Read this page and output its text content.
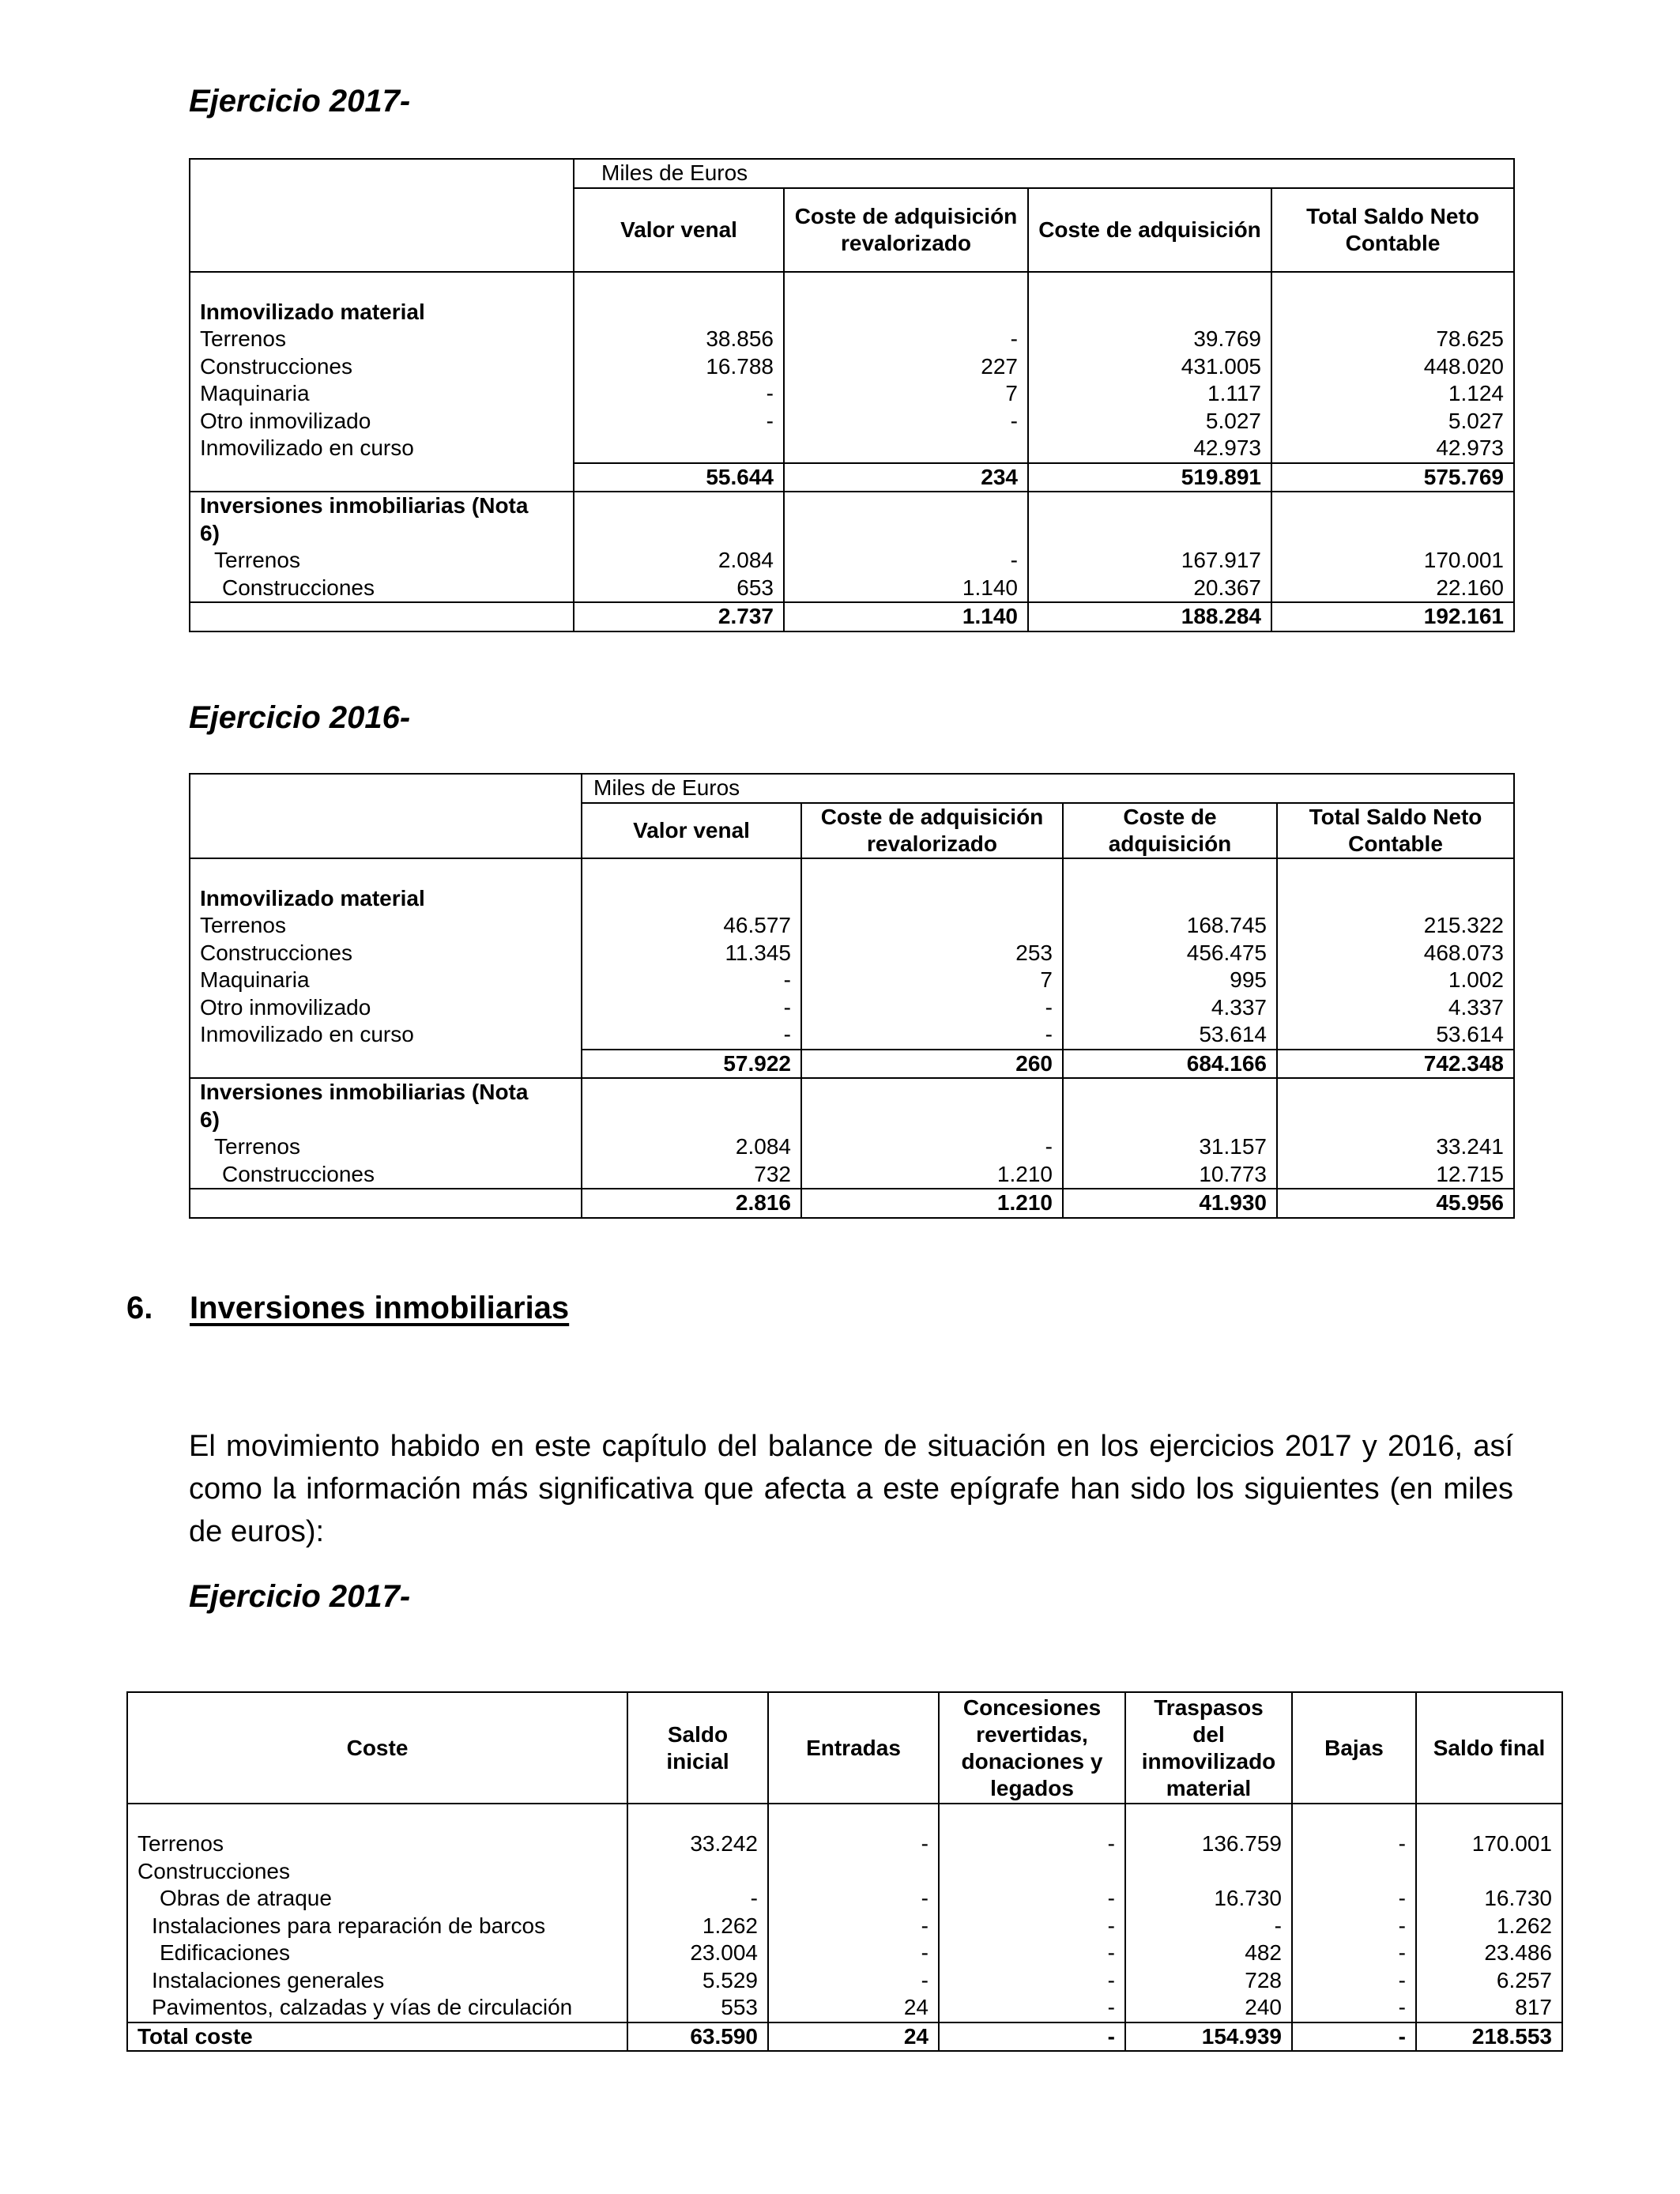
Ejercicio 2017-
	Miles de Euros			
	Valor venal	Coste de adquisición revalorizado	Coste de adquisición	Total Saldo Neto Contable

Inmovilizado material				
Terrenos	38.856	-	39.769	78.625
Construcciones	16.788	227	431.005	448.020
Maquinaria	-	7	1.117	1.124
Otro inmovilizado	-	-	5.027	5.027
Inmovilizado en curso			42.973	42.973
	55.644	234	519.891	575.769
Inversiones inmobiliarias (Nota				
6)				
Terrenos	2.084	-	167.917	170.001
Construcciones	653	1.140	20.367	22.160
	2.737	1.140	188.284	192.161
Ejercicio 2016-
	Miles de Euros			
	Valor venal	Coste de adquisición revalorizado	Coste de adquisición	Total Saldo Neto Contable

Inmovilizado material				
Terrenos	46.577		168.745	215.322
Construcciones	11.345	253	456.475	468.073
Maquinaria	-	7	995	1.002
Otro inmovilizado	-	-	4.337	4.337
Inmovilizado en curso	-	-	53.614	53.614
	57.922	260	684.166	742.348
Inversiones inmobiliarias (Nota				
6)				
Terrenos	2.084	-	31.157	33.241
Construcciones	732	1.210	10.773	12.715
	2.816	1.210	41.930	45.956
6. Inversiones inmobiliarias

El movimiento habido en este capítulo del balance de situación en los ejercicios 2017 y 2016, así como la información más significativa que afecta a este epígrafe han sido los siguientes (en miles de euros):

Ejercicio 2017-
Coste	Saldo inicial	Entradas	Concesiones revertidas, donaciones y legados	Traspasos del inmovilizado material	Bajas	Saldo final

Terrenos	33.242	-	-	136.759	-	170.001
Construcciones						
Obras de atraque	-	-	-	16.730	-	16.730
Instalaciones para reparación de barcos	1.262	-	-	-	-	1.262
Edificaciones	23.004	-	-	482	-	23.486
Instalaciones generales	5.529	-	-	728	-	6.257
Pavimentos, calzadas y vías de circulación	553	24	-	240	-	817
Total coste	63.590	24	-	154.939	-	218.553
